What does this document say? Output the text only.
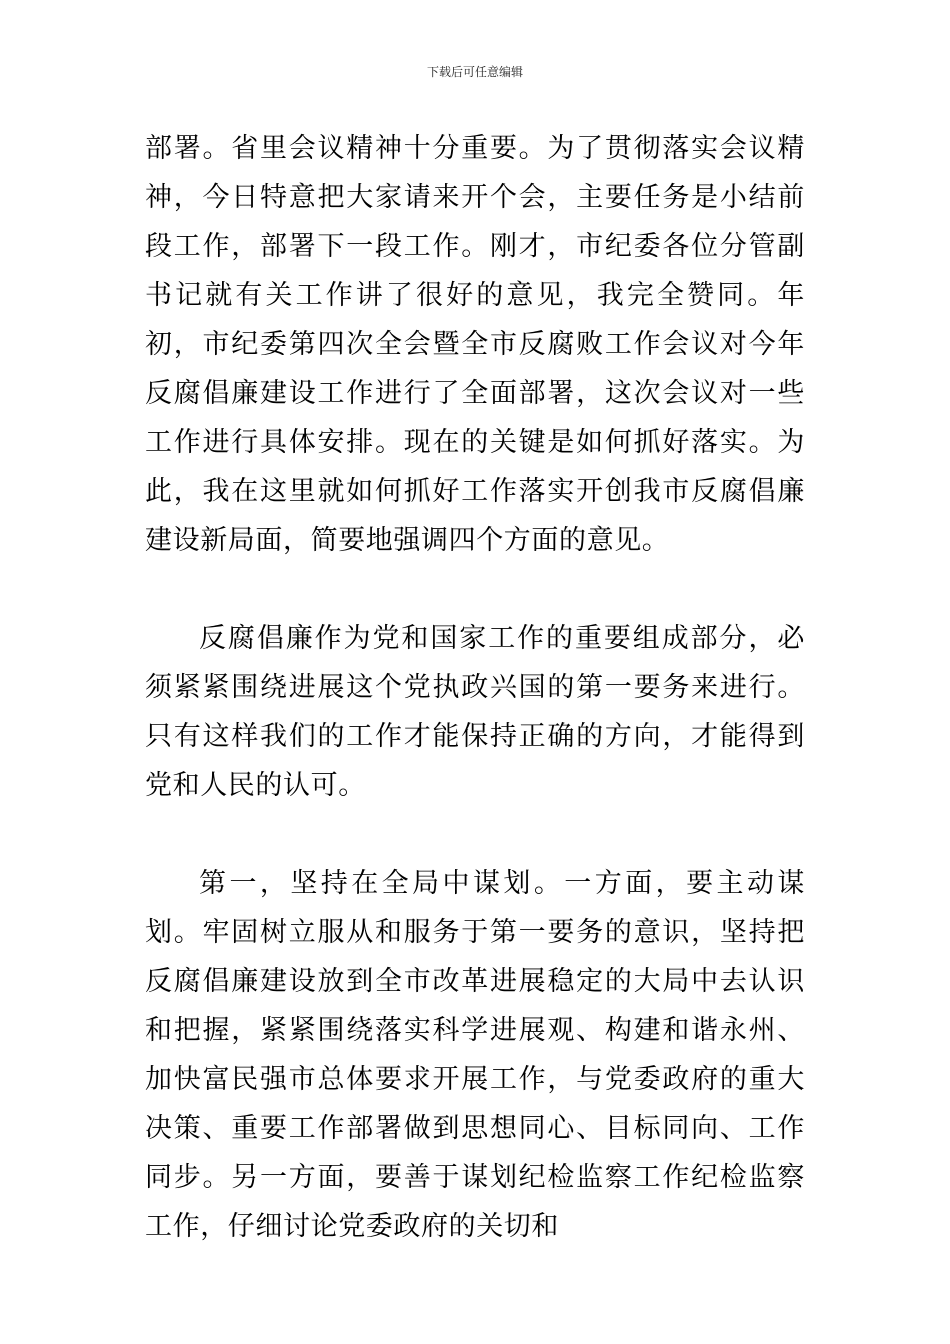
下载后可任意编辑

部署。省里会议精神十分重要。为了贯彻落实会议精神，今日特意把大家请来开个会，主要任务是小结前段工作，部署下一段工作。刚才，市纪委各位分管副书记就有关工作讲了很好的意见，我完全赞同。年初，市纪委第四次全会暨全市反腐败工作会议对今年反腐倡廉建设工作进行了全面部署，这次会议对一些工作进行具体安排。现在的关键是如何抓好落实。为此，我在这里就如何抓好工作落实开创我市反腐倡廉建设新局面，简要地强调四个方面的意见。

反腐倡廉作为党和国家工作的重要组成部分，必须紧紧围绕进展这个党执政兴国的第一要务来进行。只有这样我们的工作才能保持正确的方向，才能得到党和人民的认可。

第一，坚持在全局中谋划。一方面，要主动谋划。牢固树立服从和服务于第一要务的意识，坚持把反腐倡廉建设放到全市改革进展稳定的大局中去认识和把握，紧紧围绕落实科学进展观、构建和谐永州、加快富民强市总体要求开展工作，与党委政府的重大决策、重要工作部署做到思想同心、目标同向、工作同步。另一方面，要善于谋划纪检监察工作纪检监察工作，仔细讨论党委政府的关切和
